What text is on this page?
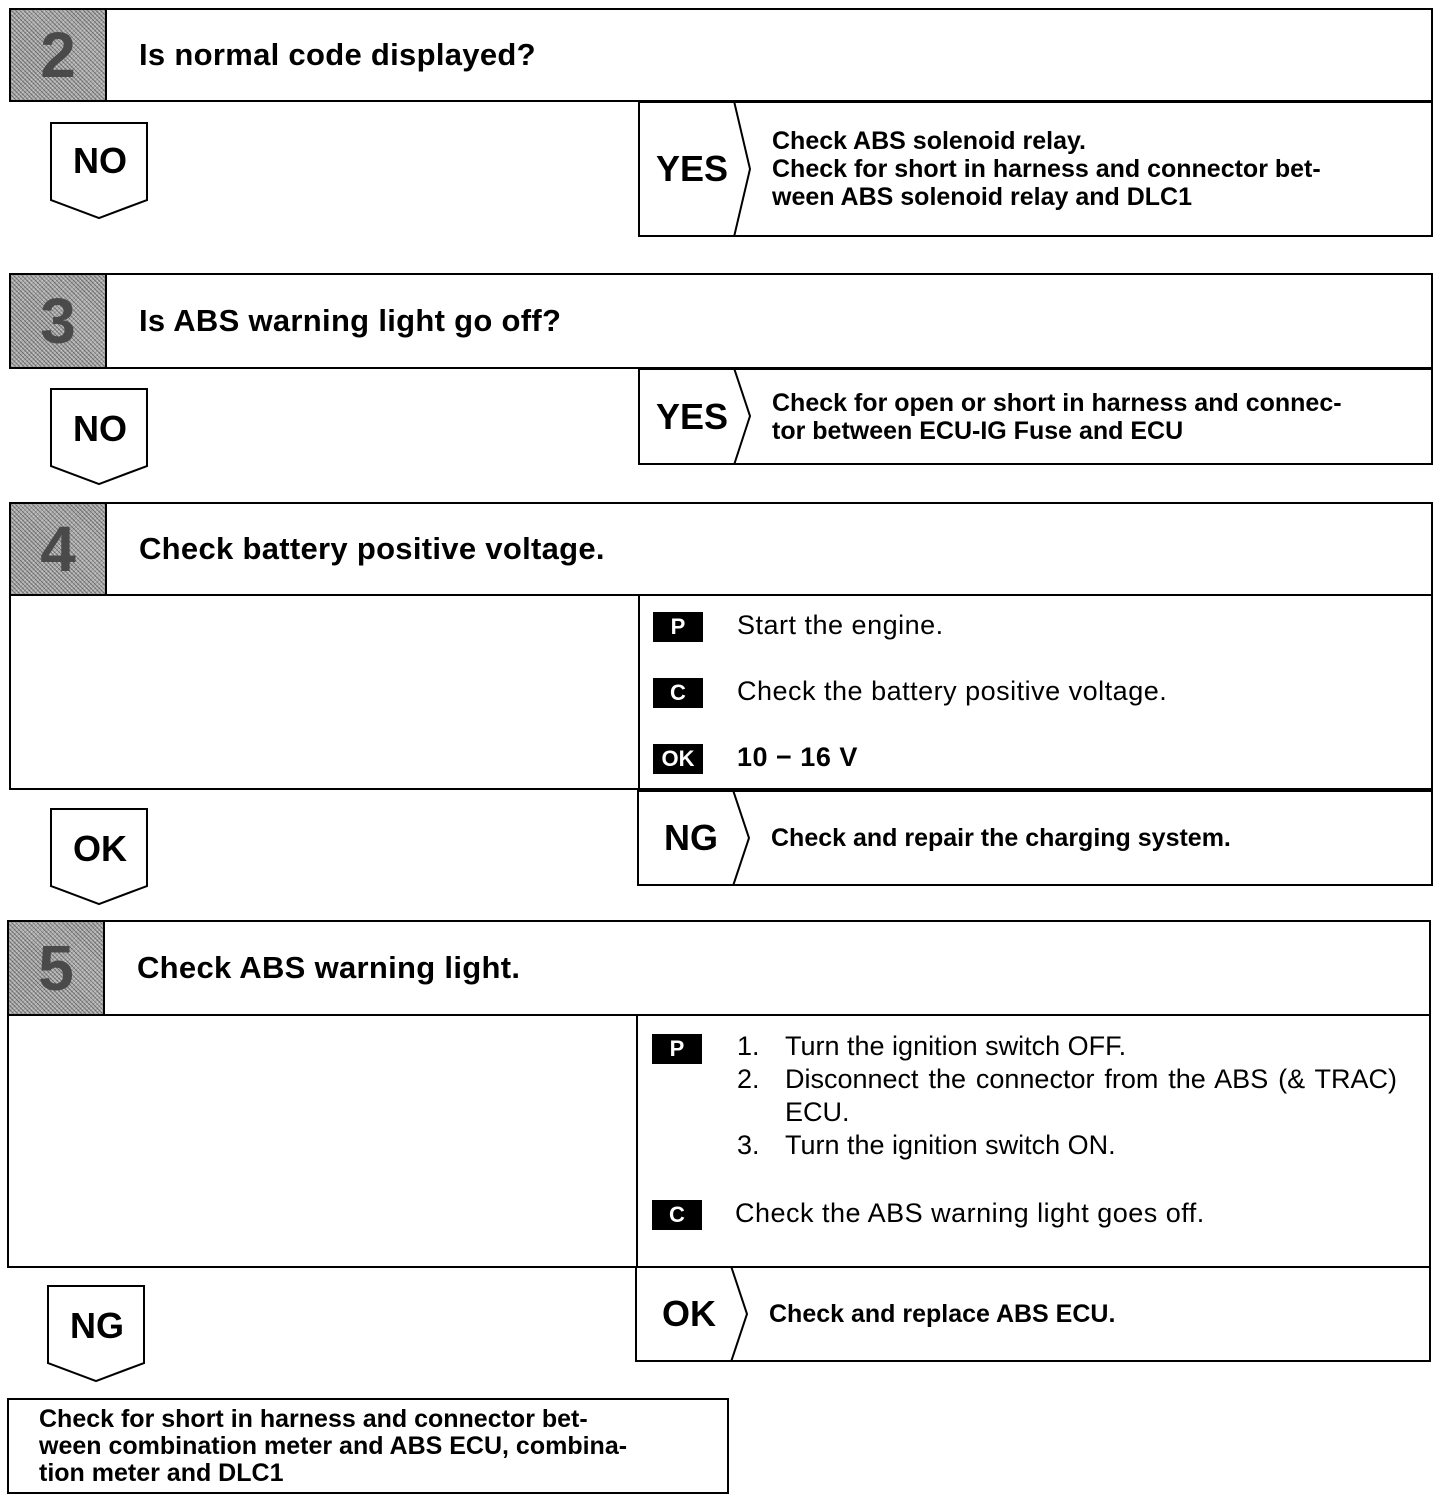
2	Is normal code displayed?
NO	YES
Check ABS solenoid relay.
Check for short in harness and connector bet-
ween ABS solenoid relay and DLC1
3	Is ABS warning light go off?
NO	YES	Check for open or short in harness and connec-
tor between ECU-IG Fuse and ECU
4	Check battery positive voltage.
P	Start the engine.
C	Check the battery positive voltage.
OK	10 − 16 V
OK	NG	Check and repair the charging system.
5	Check ABS warning light.
P	1. Turn the ignition switch OFF.
2. Disconnect the connector from the ABS (& TRAC) ECU.
3. Turn the ignition switch ON.
C	Check the ABS warning light goes off.
NG	OK	Check and replace ABS ECU.
Check for short in harness and connector bet-
ween combination meter and ABS ECU, combina-
tion meter and DLC1
